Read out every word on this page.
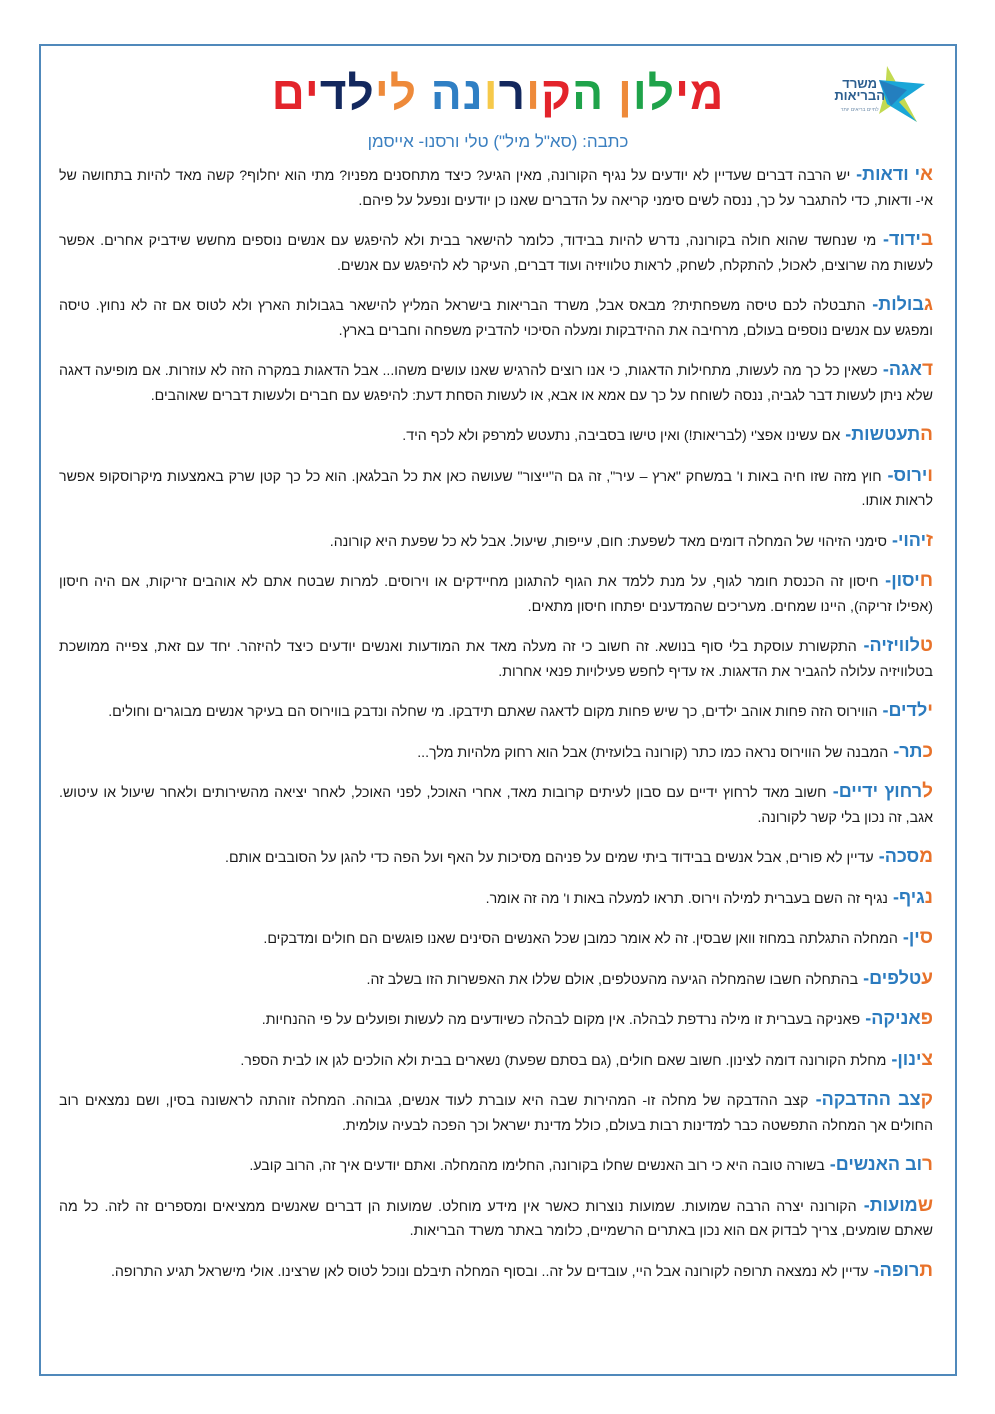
משרד
הבריאות
לחיים בריאים יותר
מילון הקורונה לילדים
כתבה: (סא"ל מיל") טלי ורסנו- אייסמן
אי ודאות- יש הרבה דברים שעדיין לא יודעים על נגיף הקורונה, מאין הגיע? כיצד מתחסנים מפניו? מתי הוא יחלוף? קשה מאד להיות בתחושה של אי- ודאות, כדי להתגבר על כך, ננסה לשים סימני קריאה על הדברים שאנו כן יודעים ונפעל על פיהם.
בידוד- מי שנחשד שהוא חולה בקורונה, נדרש להיות בבידוד, כלומר להישאר בבית ולא להיפגש עם אנשים נוספים מחשש שידביק אחרים. אפשר לעשות מה שרוצים, לאכול, להתקלח, לשחק, לראות טלוויזיה ועוד דברים, העיקר לא להיפגש עם אנשים.
גבולות- התבטלה לכם טיסה משפחתית? מבאס אבל, משרד הבריאות בישראל המליץ להישאר בגבולות הארץ ולא לטוס אם זה לא נחוץ. טיסה ומפגש עם אנשים נוספים בעולם, מרחיבה את ההידבקות ומעלה הסיכוי להדביק משפחה וחברים בארץ.
דאגה- כשאין כל כך מה לעשות, מתחילות הדאגות, כי אנו רוצים להרגיש שאנו עושים משהו... אבל הדאגות במקרה הזה לא עוזרות. אם מופיעה דאגה שלא ניתן לעשות דבר לגביה, ננסה לשוחח על כך עם אמא או אבא, או לעשות הסחת דעת: להיפגש עם חברים ולעשות דברים שאוהבים.
התעטשות- אם עשינו אפצ'י (לבריאות!) ואין טישו בסביבה, נתעטש למרפק ולא לכף היד.
וירוס- חוץ מזה שזו חיה באות ו' במשחק "ארץ – עיר", זה גם ה"ייצור" שעושה כאן את כל הבלגאן. הוא כל כך קטן שרק באמצעות מיקרוסקופ אפשר לראות אותו.
זיהוי- סימני הזיהוי של המחלה דומים מאד לשפעת: חום, עייפות, שיעול. אבל לא כל שפעת היא קורונה.
חיסון- חיסון זה הכנסת חומר לגוף, על מנת ללמד את הגוף להתגונן מחיידקים או וירוסים. למרות שבטח אתם לא אוהבים זריקות, אם היה חיסון (אפילו זריקה), היינו שמחים. מעריכים שהמדענים יפתחו חיסון מתאים.
טלוויזיה- התקשורת עוסקת בלי סוף בנושא. זה חשוב כי זה מעלה מאד את המודעות ואנשים יודעים כיצד להיזהר. יחד עם זאת, צפייה ממושכת בטלוויזיה עלולה להגביר את הדאגות. אז עדיף לחפש פעילויות פנאי אחרות.
ילדים- הווירוס הזה פחות אוהב ילדים, כך שיש פחות מקום לדאגה שאתם תידבקו. מי שחלה ונדבק בווירוס הם בעיקר אנשים מבוגרים וחולים.
כתר- המבנה של הווירוס נראה כמו כתר (קורונה בלועזית) אבל הוא רחוק מלהיות מלך...
לרחוץ ידיים- חשוב מאד לרחוץ ידיים עם סבון לעיתים קרובות מאד, אחרי האוכל, לפני האוכל, לאחר יציאה מהשירותים ולאחר שיעול או עיטוש. אגב, זה נכון בלי קשר לקורונה.
מסכה- עדיין לא פורים, אבל אנשים בבידוד ביתי שמים על פניהם מסיכות על האף ועל הפה כדי להגן על הסובבים אותם.
נגיף- נגיף זה השם בעברית למילה וירוס. תראו למעלה באות ו' מה זה אומר.
סין- המחלה התגלתה במחוז וואן שבסין. זה לא אומר כמובן שכל האנשים הסינים שאנו פוגשים הם חולים ומדבקים.
עטלפים- בהתחלה חשבו שהמחלה הגיעה מהעטלפים, אולם שללו את האפשרות הזו בשלב זה.
פאניקה- פאניקה בעברית זו מילה נרדפת לבהלה. אין מקום לבהלה כשיודעים מה לעשות ופועלים על פי ההנחיות.
צינון- מחלת הקורונה דומה לצינון. חשוב שאם חולים, (גם בסתם שפעת) נשארים בבית ולא הולכים לגן או לבית הספר.
קצב ההדבקה- קצב ההדבקה של מחלה זו- המהירות שבה היא עוברת לעוד אנשים, גבוהה. המחלה זוהתה לראשונה בסין, ושם נמצאים רוב החולים אך המחלה התפשטה כבר למדינות רבות בעולם, כולל מדינת ישראל וכך הפכה לבעיה עולמית.
רוב האנשים- בשורה טובה היא כי רוב האנשים שחלו בקורונה, החלימו מהמחלה. ואתם יודעים איך זה, הרוב קובע.
שמועות- הקורונה יצרה הרבה שמועות. שמועות נוצרות כאשר אין מידע מוחלט. שמועות הן דברים שאנשים ממציאים ומספרים זה לזה. כל מה שאתם שומעים, צריך לבדוק אם הוא נכון באתרים הרשמיים, כלומר באתר משרד הבריאות.
תרופה- עדיין לא נמצאה תרופה לקורונה אבל היי, עובדים על זה.. ובסוף המחלה תיבלם ונוכל לטוס לאן שרצינו. אולי מישראל תגיע התרופה.
